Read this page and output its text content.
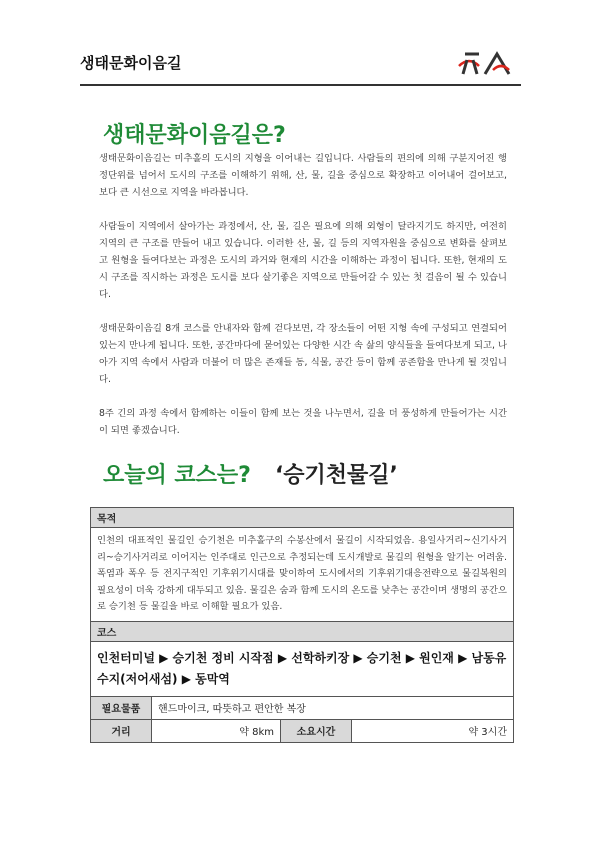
생태문화이음길
생태문화이음길은?

생태문화이음길는 미추홀의 도시의 지형을 이어내는 길입니다. 사람들의 편의에 의해 구분지어진 행정단위를 넘어서 도시의 구조를 이해하기 위해, 산, 물, 길을 중심으로 확장하고 이어내어 걸어보고, 보다 큰 시선으로 지역을 바라봅니다.

사람들이 지역에서 살아가는 과정에서, 산, 물, 길은 필요에 의해 외형이 달라지기도 하지만, 여전히 지역의 큰 구조를 만들어 내고 있습니다. 이러한 산, 물, 길 등의 지역자원을 중심으로 변화를 살펴보고 원형을 들여다보는 과정은 도시의 과거와 현재의 시간을 이해하는 과정이 됩니다. 또한, 현재의 도시 구조를 직시하는 과정은 도시를 보다 살기좋은 지역으로 만들어갈 수 있는 첫 걸음이 될 수 있습니다.

생태문화이음길 8개 코스를 안내자와 함께 걷다보면, 각 장소들이 어떤 지형 속에 구성되고 연결되어 있는지 만나게 됩니다. 또한, 공간마다에 묻어있는 다양한 시간 속 삶의 양식들을 들여다보게 되고, 나아가 지역 속에서 사람과 더불어 더 많은 존재들 동, 식물, 공간 등이 함께 공존함을 만나게 될 것입니다.

8주 긴의 과정 속에서 함께하는 이들이 함께 보는 것을 나누면서, 길을 더 풍성하게 만들어가는 시간이 되면 좋겠습니다.

오늘의 코스는? ‘승기천물길’
목적			
인천의 대표적인 물길인 승기천은 미추홀구의 수봉산에서 물길이 시작되었음. 용일사거리~신기사거리~승기사거리로 이어지는 인주대로 인근으로 추정되는데 도시개발로 물길의 원형을 알기는 어려움. 폭염과 폭우 등 전지구적인 기후위기시대를 맞이하여 도시에서의 기후위기대응전략으로 물길복원의 필요성이 더욱 강하게 대두되고 있음. 물길은 숨과 함께 도시의 온도를 낮추는 공간이며 생명의 공간으로 승기천 등 물길을 바로 이해할 필요가 있음.			
코스			
인천터미널 ▶ 승기천 정비 시작점 ▶ 선학하키장 ▶ 승기천 ▶ 원인재 ▶ 남동유수지(저어새섬) ▶ 동막역			
필요물품	핸드마이크, 따뜻하고 편안한 복장		
거리	약 8km	소요시간	약 3시간
